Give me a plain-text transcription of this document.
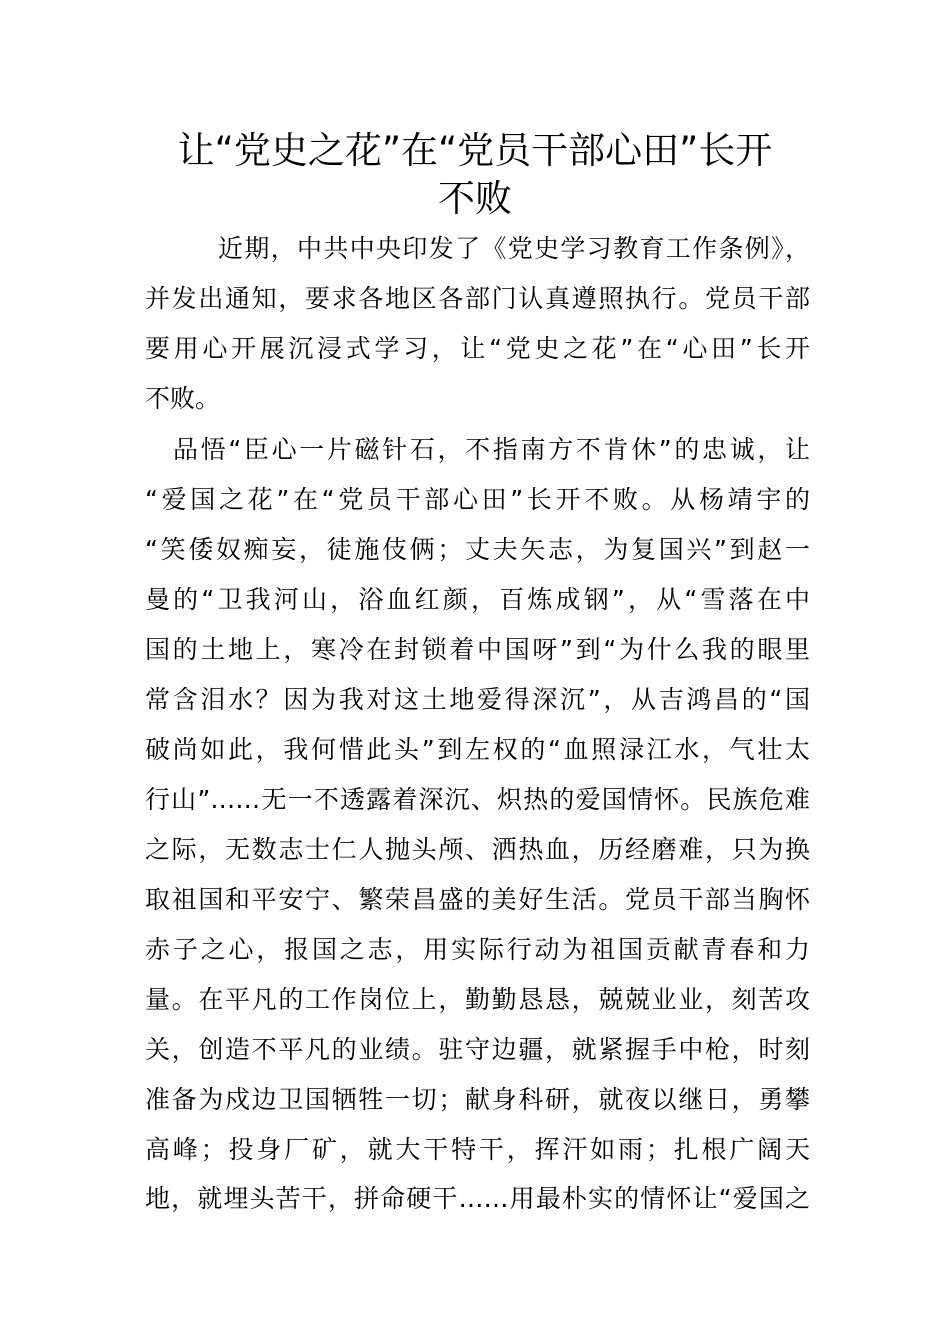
让“党史之花”在“党员干部心田”长开
不败
近期，中共中央印发了《党史学习教育工作条例》，
并发出通知，要求各地区各部门认真遵照执行。党员干部
要用心开展沉浸式学习，让“党史之花”在“心田”长开
不败。
品悟“臣心一片磁针石，不指南方不肯休”的忠诚，让
“爱国之花”在“党员干部心田”长开不败。从杨靖宇的
“笑倭奴痴妄，徒施伎俩；丈夫矢志，为复国兴”到赵一
曼的“卫我河山，浴血红颜，百炼成钢”，从“雪落在中
国的土地上，寒冷在封锁着中国呀”到“为什么我的眼里
常含泪水？因为我对这土地爱得深沉”，从吉鸿昌的“国
破尚如此，我何惜此头”到左权的“血照渌江水，气壮太
行山”……无一不透露着深沉、炽热的爱国情怀。民族危难
之际，无数志士仁人抛头颅、洒热血，历经磨难，只为换
取祖国和平安宁、繁荣昌盛的美好生活。党员干部当胸怀
赤子之心，报国之志，用实际行动为祖国贡献青春和力
量。在平凡的工作岗位上，勤勤恳恳，兢兢业业，刻苦攻
关，创造不平凡的业绩。驻守边疆，就紧握手中枪，时刻
准备为戍边卫国牺牲一切；献身科研，就夜以继日，勇攀
高峰；投身厂矿，就大干特干，挥汗如雨；扎根广阔天
地，就埋头苦干，拼命硬干……用最朴实的情怀让“爱国之
